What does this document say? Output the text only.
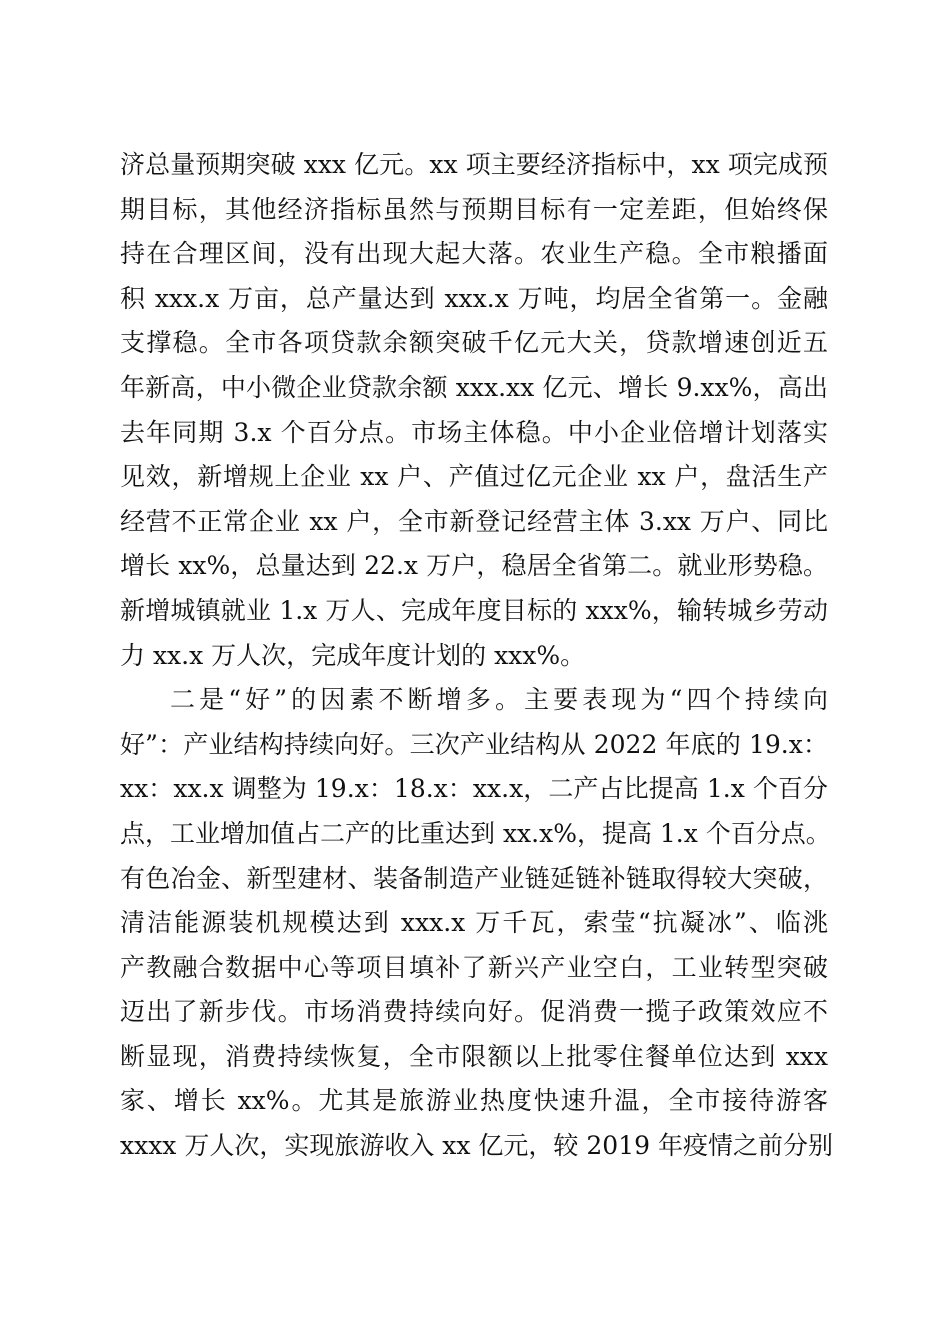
济总量预期突破 xxx 亿元。xx 项主要经济指标中，xx 项完成预
期目标，其他经济指标虽然与预期目标有一定差距，但始终保
持在合理区间，没有出现大起大落。农业生产稳。全市粮播面
积 xxx.x 万亩，总产量达到 xxx.x 万吨，均居全省第一。金融
支撑稳。全市各项贷款余额突破千亿元大关，贷款增速创近五
年新高，中小微企业贷款余额 xxx.xx 亿元、增长 9.xx%，高出
去年同期 3.x 个百分点。市场主体稳。中小企业倍增计划落实
见效，新增规上企业 xx 户、产值过亿元企业 xx 户，盘活生产
经营不正常企业 xx 户，全市新登记经营主体 3.xx 万户、同比
增长 xx%，总量达到 22.x 万户，稳居全省第二。就业形势稳。
新增城镇就业 1.x 万人、完成年度目标的 xxx%，输转城乡劳动
力 xx.x 万人次，完成年度计划的 xxx%。
二是“好”的因素不断增多。主要表现为“四个持续向
好”：产业结构持续向好。三次产业结构从 2022 年底的 19.x：
xx：xx.x 调整为 19.x：18.x：xx.x，二产占比提高 1.x 个百分
点，工业增加值占二产的比重达到 xx.x%，提高 1.x 个百分点。
有色冶金、新型建材、装备制造产业链延链补链取得较大突破，
清洁能源装机规模达到 xxx.x 万千瓦，索莹“抗凝冰”、临洮
产教融合数据中心等项目填补了新兴产业空白，工业转型突破
迈出了新步伐。市场消费持续向好。促消费一揽子政策效应不
断显现，消费持续恢复，全市限额以上批零住餐单位达到 xxx
家、增长 xx%。尤其是旅游业热度快速升温，全市接待游客
xxxx 万人次，实现旅游收入 xx 亿元，较 2019 年疫情之前分别
